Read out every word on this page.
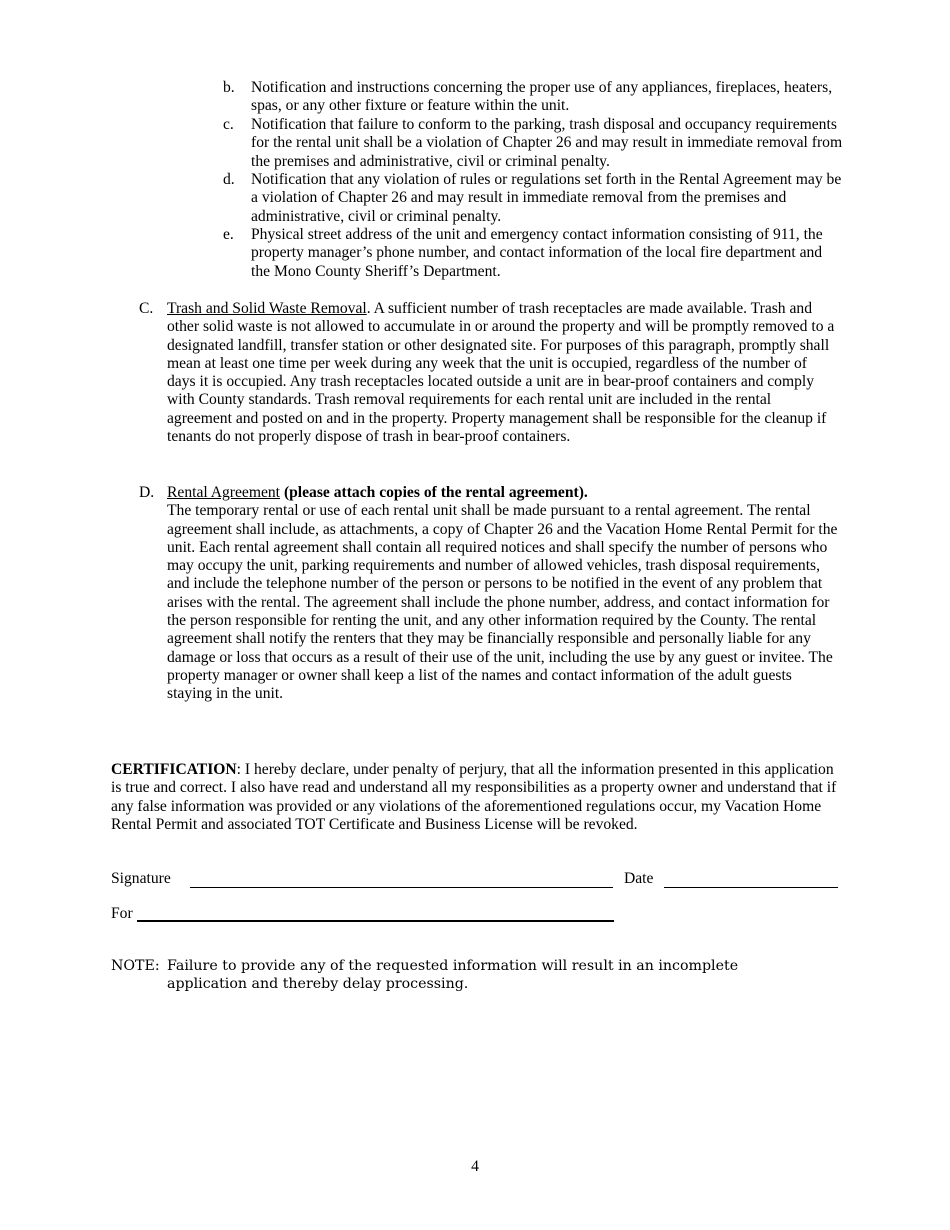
b.	Notification and instructions concerning the proper use of any appliances, fireplaces, heaters, spas, or any other fixture or feature within the unit.
c.	Notification that failure to conform to the parking, trash disposal and occupancy requirements for the rental unit shall be a violation of Chapter 26 and may result in immediate removal from the premises and administrative, civil or criminal penalty.
d.	Notification that any violation of rules or regulations set forth in the Rental Agreement may be a violation of Chapter 26 and may result in immediate removal from the premises and administrative, civil or criminal penalty.
e.	Physical street address of the unit and emergency contact information consisting of 911, the property manager’s phone number, and contact information of the local fire department and the Mono County Sheriff’s Department.
C. Trash and Solid Waste Removal. A sufficient number of trash receptacles are made available. Trash and other solid waste is not allowed to accumulate in or around the property and will be promptly removed to a designated landfill, transfer station or other designated site. For purposes of this paragraph, promptly shall mean at least one time per week during any week that the unit is occupied, regardless of the number of days it is occupied. Any trash receptacles located outside a unit are in bear-proof containers and comply with County standards. Trash removal requirements for each rental unit are included in the rental agreement and posted on and in the property. Property management shall be responsible for the cleanup if tenants do not properly dispose of trash in bear-proof containers.
D. Rental Agreement (please attach copies of the rental agreement).
The temporary rental or use of each rental unit shall be made pursuant to a rental agreement. The rental agreement shall include, as attachments, a copy of Chapter 26 and the Vacation Home Rental Permit for the unit. Each rental agreement shall contain all required notices and shall specify the number of persons who may occupy the unit, parking requirements and number of allowed vehicles, trash disposal requirements, and include the telephone number of the person or persons to be notified in the event of any problem that arises with the rental. The agreement shall include the phone number, address, and contact information for the person responsible for renting the unit, and any other information required by the County. The rental agreement shall notify the renters that they may be financially responsible and personally liable for any damage or loss that occurs as a result of their use of the unit, including the use by any guest or invitee. The property manager or owner shall keep a list of the names and contact information of the adult guests staying in the unit.
CERTIFICATION: I hereby declare, under penalty of perjury, that all the information presented in this application is true and correct. I also have read and understand all my responsibilities as a property owner and understand that if any false information was provided or any violations of the aforementioned regulations occur, my Vacation Home Rental Permit and associated TOT Certificate and Business License will be revoked.
Signature	Date
For
NOTE: Failure to provide any of the requested information will result in an incomplete application and thereby delay processing.
4
